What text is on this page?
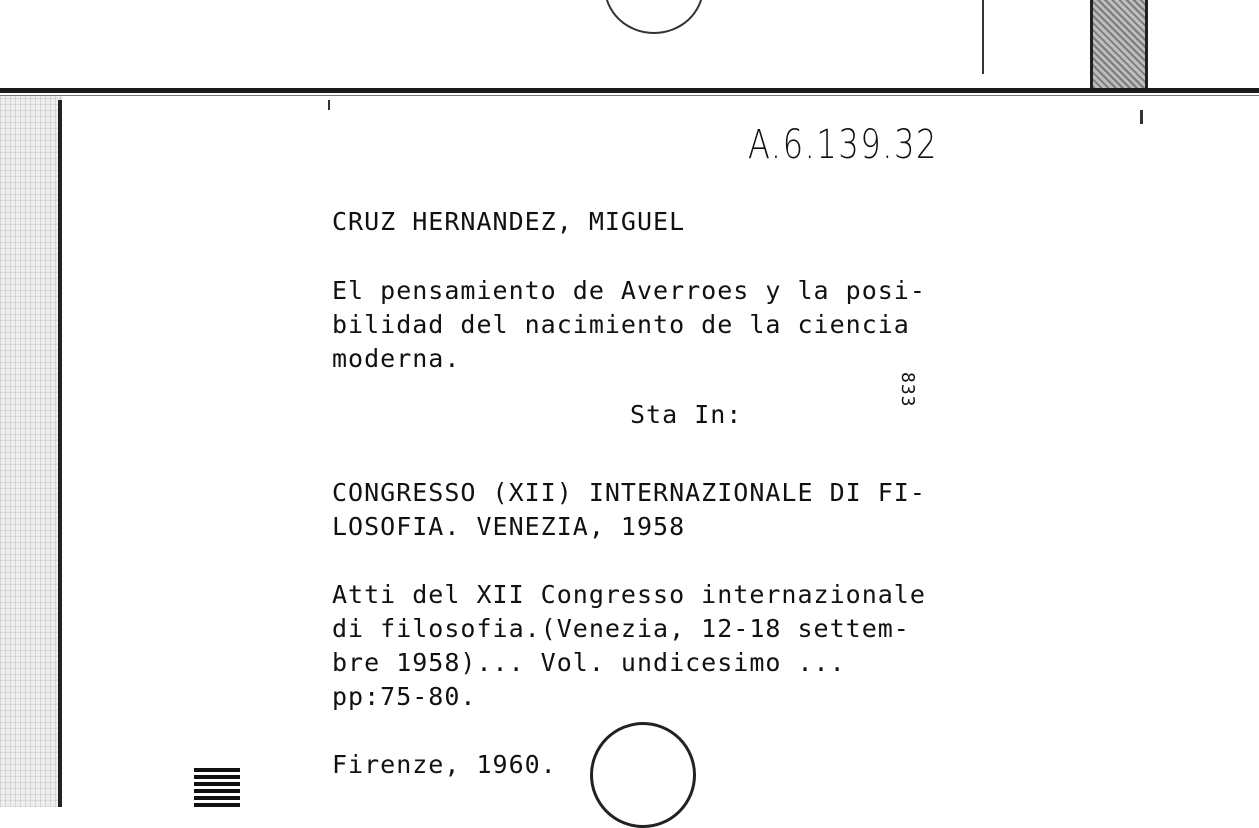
A.6.139.32
CRUZ HERNANDEZ, MIGUEL
El pensamiento de Averroes y la posi-
bilidad del nacimiento de la ciencia
moderna.
833
Sta In:
CONGRESSO (XII) INTERNAZIONALE DI FI-
LOSOFIA. VENEZIA, 1958
Atti del XII Congresso internazionale
di filosofia.(Venezia, 12-18 settem-
bre 1958)... Vol. undicesimo ...
pp:75-80.
Firenze, 1960.
